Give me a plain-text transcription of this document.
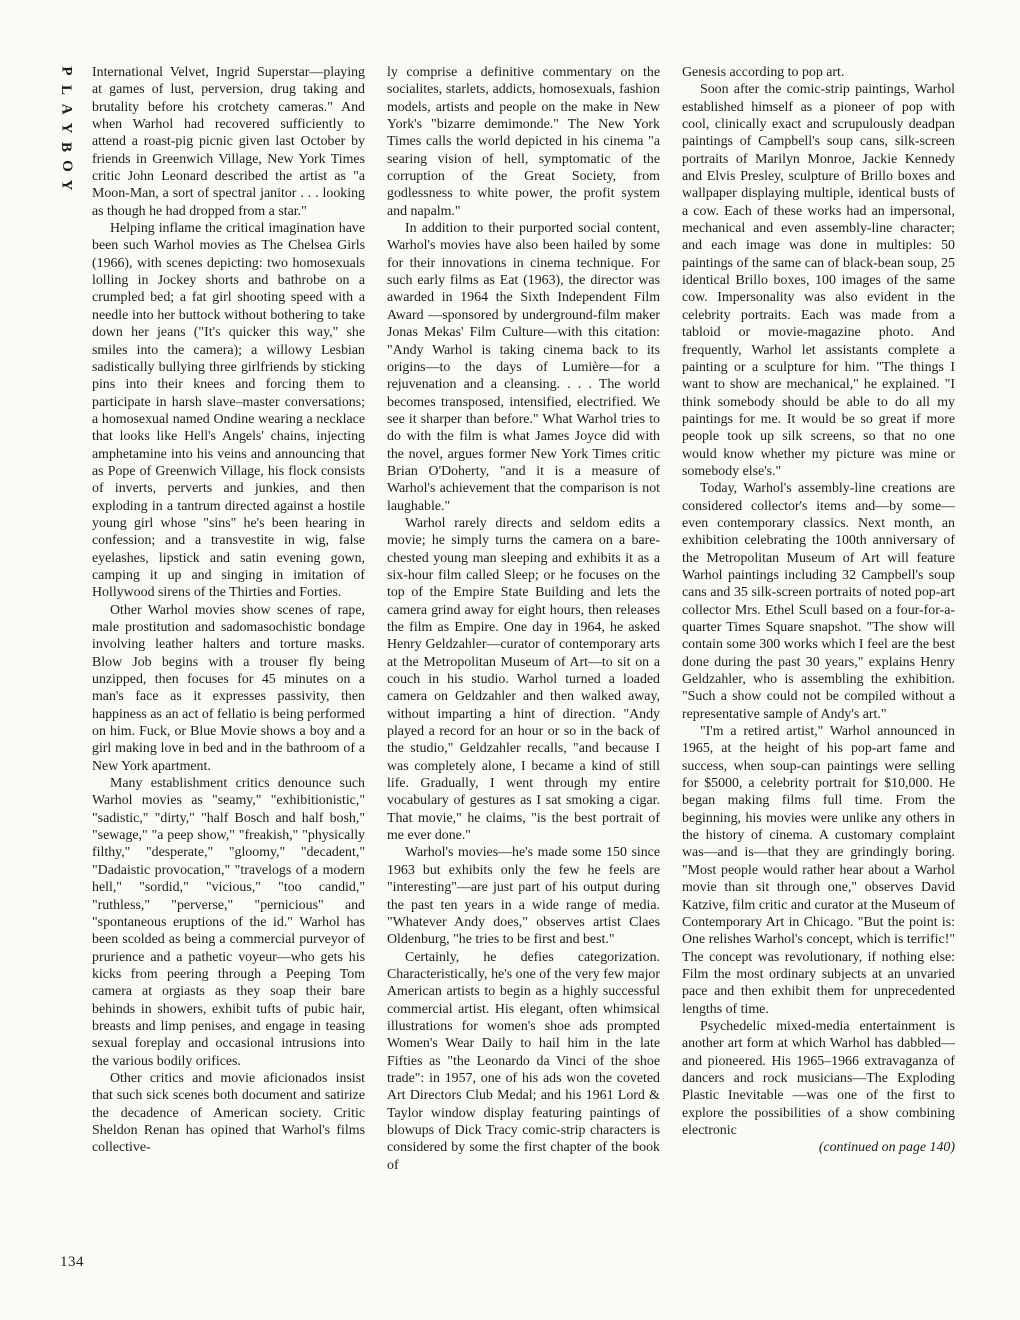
P
L
A
Y
B
O
Y
134

International Velvet, Ingrid Superstar—playing at games of lust, perversion, drug taking and brutality before his crotchety cameras." And when Warhol had recovered sufficiently to attend a roast-pig picnic given last October by friends in Greenwich Village, New York Times critic John Leonard described the artist as "a Moon-Man, a sort of spectral janitor . . . looking as though he had dropped from a star."

Helping inflame the critical imagination have been such Warhol movies as The Chelsea Girls (1966), with scenes depicting: two homosexuals lolling in Jockey shorts and bathrobe on a crumpled bed; a fat girl shooting speed with a needle into her buttock without bothering to take down her jeans ("It's quicker this way," she smiles into the camera); a willowy Lesbian sadistically bullying three girlfriends by sticking pins into their knees and forcing them to participate in harsh slave–master conversations; a homosexual named Ondine wearing a necklace that looks like Hell's Angels' chains, injecting amphetamine into his veins and announcing that as Pope of Greenwich Village, his flock consists of inverts, perverts and junkies, and then exploding in a tantrum directed against a hostile young girl whose "sins" he's been hearing in confession; and a transvestite in wig, false eyelashes, lipstick and satin evening gown, camping it up and singing in imitation of Hollywood sirens of the Thirties and Forties.

Other Warhol movies show scenes of rape, male prostitution and sadomasochistic bondage involving leather halters and torture masks. Blow Job begins with a trouser fly being unzipped, then focuses for 45 minutes on a man's face as it expresses passivity, then happiness as an act of fellatio is being performed on him. Fuck, or Blue Movie shows a boy and a girl making love in bed and in the bathroom of a New York apartment.

Many establishment critics denounce such Warhol movies as "seamy," "exhibitionistic," "sadistic," "dirty," "half Bosch and half bosh," "sewage," "a peep show," "freakish," "physically filthy," "desperate," "gloomy," "decadent," "Dadaistic provocation," "travelogs of a modern hell," "sordid," "vicious," "too candid," "ruthless," "perverse," "pernicious" and "spontaneous eruptions of the id." Warhol has been scolded as being a commercial purveyor of prurience and a pathetic voyeur—who gets his kicks from peering through a Peeping Tom camera at orgiasts as they soap their bare behinds in showers, exhibit tufts of pubic hair, breasts and limp penises, and engage in teasing sexual foreplay and occasional intrusions into the various bodily orifices.

Other critics and movie aficionados insist that such sick scenes both document and satirize the decadence of American society. Critic Sheldon Renan has opined that Warhol's films collective-

ly comprise a definitive commentary on the socialites, starlets, addicts, homosexuals, fashion models, artists and people on the make in New York's "bizarre demimonde." The New York Times calls the world depicted in his cinema "a searing vision of hell, symptomatic of the corruption of the Great Society, from godlessness to white power, the profit system and napalm."

In addition to their purported social content, Warhol's movies have also been hailed by some for their innovations in cinema technique. For such early films as Eat (1963), the director was awarded in 1964 the Sixth Independent Film Award —sponsored by underground-film maker Jonas Mekas' Film Culture—with this citation: "Andy Warhol is taking cinema back to its origins—to the days of Lumière—for a rejuvenation and a cleansing. . . . The world becomes transposed, intensified, electrified. We see it sharper than before." What Warhol tries to do with the film is what James Joyce did with the novel, argues former New York Times critic Brian O'Doherty, "and it is a measure of Warhol's achievement that the comparison is not laughable."

Warhol rarely directs and seldom edits a movie; he simply turns the camera on a bare-chested young man sleeping and exhibits it as a six-hour film called Sleep; or he focuses on the top of the Empire State Building and lets the camera grind away for eight hours, then releases the film as Empire. One day in 1964, he asked Henry Geldzahler—curator of contemporary arts at the Metropolitan Museum of Art—to sit on a couch in his studio. Warhol turned a loaded camera on Geldzahler and then walked away, without imparting a hint of direction. "Andy played a record for an hour or so in the back of the studio," Geldzahler recalls, "and because I was completely alone, I became a kind of still life. Gradually, I went through my entire vocabulary of gestures as I sat smoking a cigar. That movie," he claims, "is the best portrait of me ever done."

Warhol's movies—he's made some 150 since 1963 but exhibits only the few he feels are "interesting"—are just part of his output during the past ten years in a wide range of media. "Whatever Andy does," observes artist Claes Oldenburg, "he tries to be first and best."

Certainly, he defies categorization. Characteristically, he's one of the very few major American artists to begin as a highly successful commercial artist. His elegant, often whimsical illustrations for women's shoe ads prompted Women's Wear Daily to hail him in the late Fifties as "the Leonardo da Vinci of the shoe trade": in 1957, one of his ads won the coveted Art Directors Club Medal; and his 1961 Lord & Taylor window display featuring paintings of blowups of Dick Tracy comic-strip characters is considered by some the first chapter of the book of

Genesis according to pop art.

Soon after the comic-strip paintings, Warhol established himself as a pioneer of pop with cool, clinically exact and scrupulously deadpan paintings of Campbell's soup cans, silk-screen portraits of Marilyn Monroe, Jackie Kennedy and Elvis Presley, sculpture of Brillo boxes and wallpaper displaying multiple, identical busts of a cow. Each of these works had an impersonal, mechanical and even assembly-line character; and each image was done in multiples: 50 paintings of the same can of black-bean soup, 25 identical Brillo boxes, 100 images of the same cow. Impersonality was also evident in the celebrity portraits. Each was made from a tabloid or movie-magazine photo. And frequently, Warhol let assistants complete a painting or a sculpture for him. "The things I want to show are mechanical," he explained. "I think somebody should be able to do all my paintings for me. It would be so great if more people took up silk screens, so that no one would know whether my picture was mine or somebody else's."

Today, Warhol's assembly-line creations are considered collector's items and—by some—even contemporary classics. Next month, an exhibition celebrating the 100th anniversary of the Metropolitan Museum of Art will feature Warhol paintings including 32 Campbell's soup cans and 35 silk-screen portraits of noted pop-art collector Mrs. Ethel Scull based on a four-for-a-quarter Times Square snapshot. "The show will contain some 300 works which I feel are the best done during the past 30 years," explains Henry Geldzahler, who is assembling the exhibition. "Such a show could not be compiled without a representative sample of Andy's art."

"I'm a retired artist," Warhol announced in 1965, at the height of his pop-art fame and success, when soup-can paintings were selling for $5000, a celebrity portrait for $10,000. He began making films full time. From the beginning, his movies were unlike any others in the history of cinema. A customary complaint was—and is—that they are grindingly boring. "Most people would rather hear about a Warhol movie than sit through one," observes David Katzive, film critic and curator at the Museum of Contemporary Art in Chicago. "But the point is: One relishes Warhol's concept, which is terrific!" The concept was revolutionary, if nothing else: Film the most ordinary subjects at an unvaried pace and then exhibit them for unprecedented lengths of time.

Psychedelic mixed-media entertainment is another art form at which Warhol has dabbled—and pioneered. His 1965–1966 extravaganza of dancers and rock musicians—The Exploding Plastic Inevitable —was one of the first to explore the possibilities of a show combining electronic

(continued on page 140)
